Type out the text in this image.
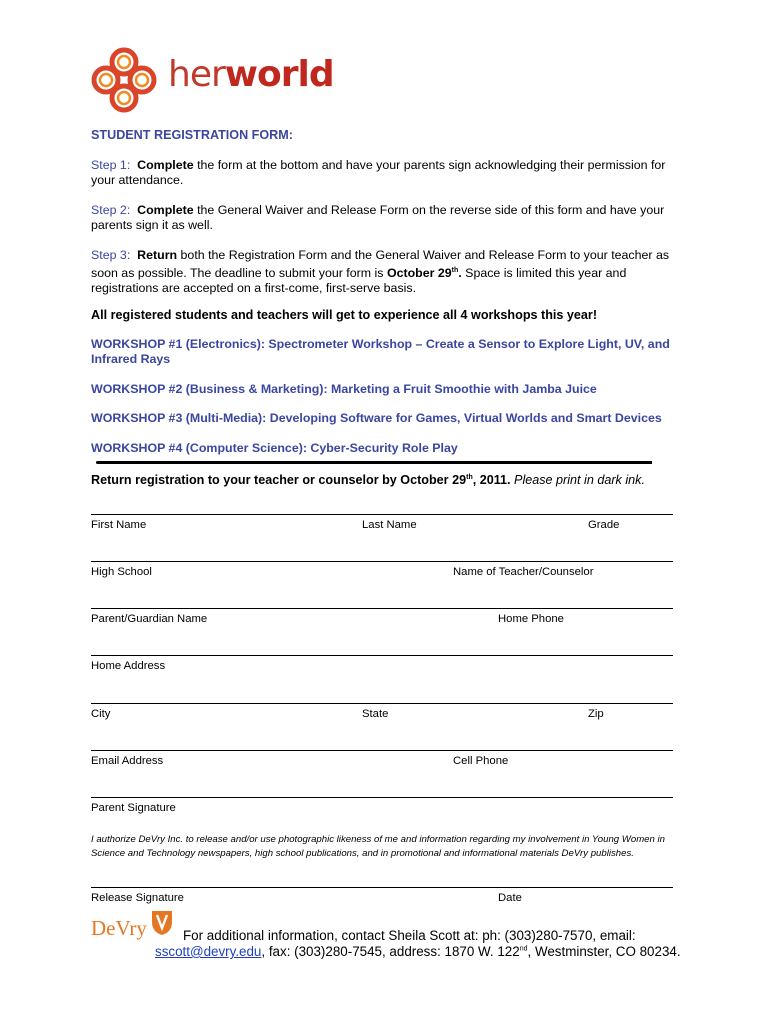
herworld
STUDENT REGISTRATION FORM:
Step 1: Complete the form at the bottom and have your parents sign acknowledging their permission for your attendance.
Step 2: Complete the General Waiver and Release Form on the reverse side of this form and have your parents sign it as well.
Step 3: Return both the Registration Form and the General Waiver and Release Form to your teacher as soon as possible. The deadline to submit your form is October 29th. Space is limited this year and registrations are accepted on a first-come, first-serve basis.
All registered students and teachers will get to experience all 4 workshops this year!
WORKSHOP #1 (Electronics): Spectrometer Workshop – Create a Sensor to Explore Light, UV, and Infrared Rays
WORKSHOP #2 (Business & Marketing): Marketing a Fruit Smoothie with Jamba Juice
WORKSHOP #3 (Multi-Media): Developing Software for Games, Virtual Worlds and Smart Devices
WORKSHOP #4 (Computer Science): Cyber-Security Role Play
Return registration to your teacher or counselor by October 29th, 2011. Please print in dark ink.
First Name	Last Name	Grade
High School	Name of Teacher/Counselor
Parent/Guardian Name	Home Phone
Home Address
City	State	Zip
Email Address	Cell Phone
Parent Signature
I authorize DeVry Inc. to release and/or use photographic likeness of me and information regarding my involvement in Young Women in Science and Technology newspapers, high school publications, and in promotional and informational materials DeVry publishes.
Release Signature	Date
DeVry	For additional information, contact Sheila Scott at: ph: (303)280-7570, email:
sscott@devry.edu, fax: (303)280-7545, address: 1870 W. 122nd, Westminster, CO 80234.
